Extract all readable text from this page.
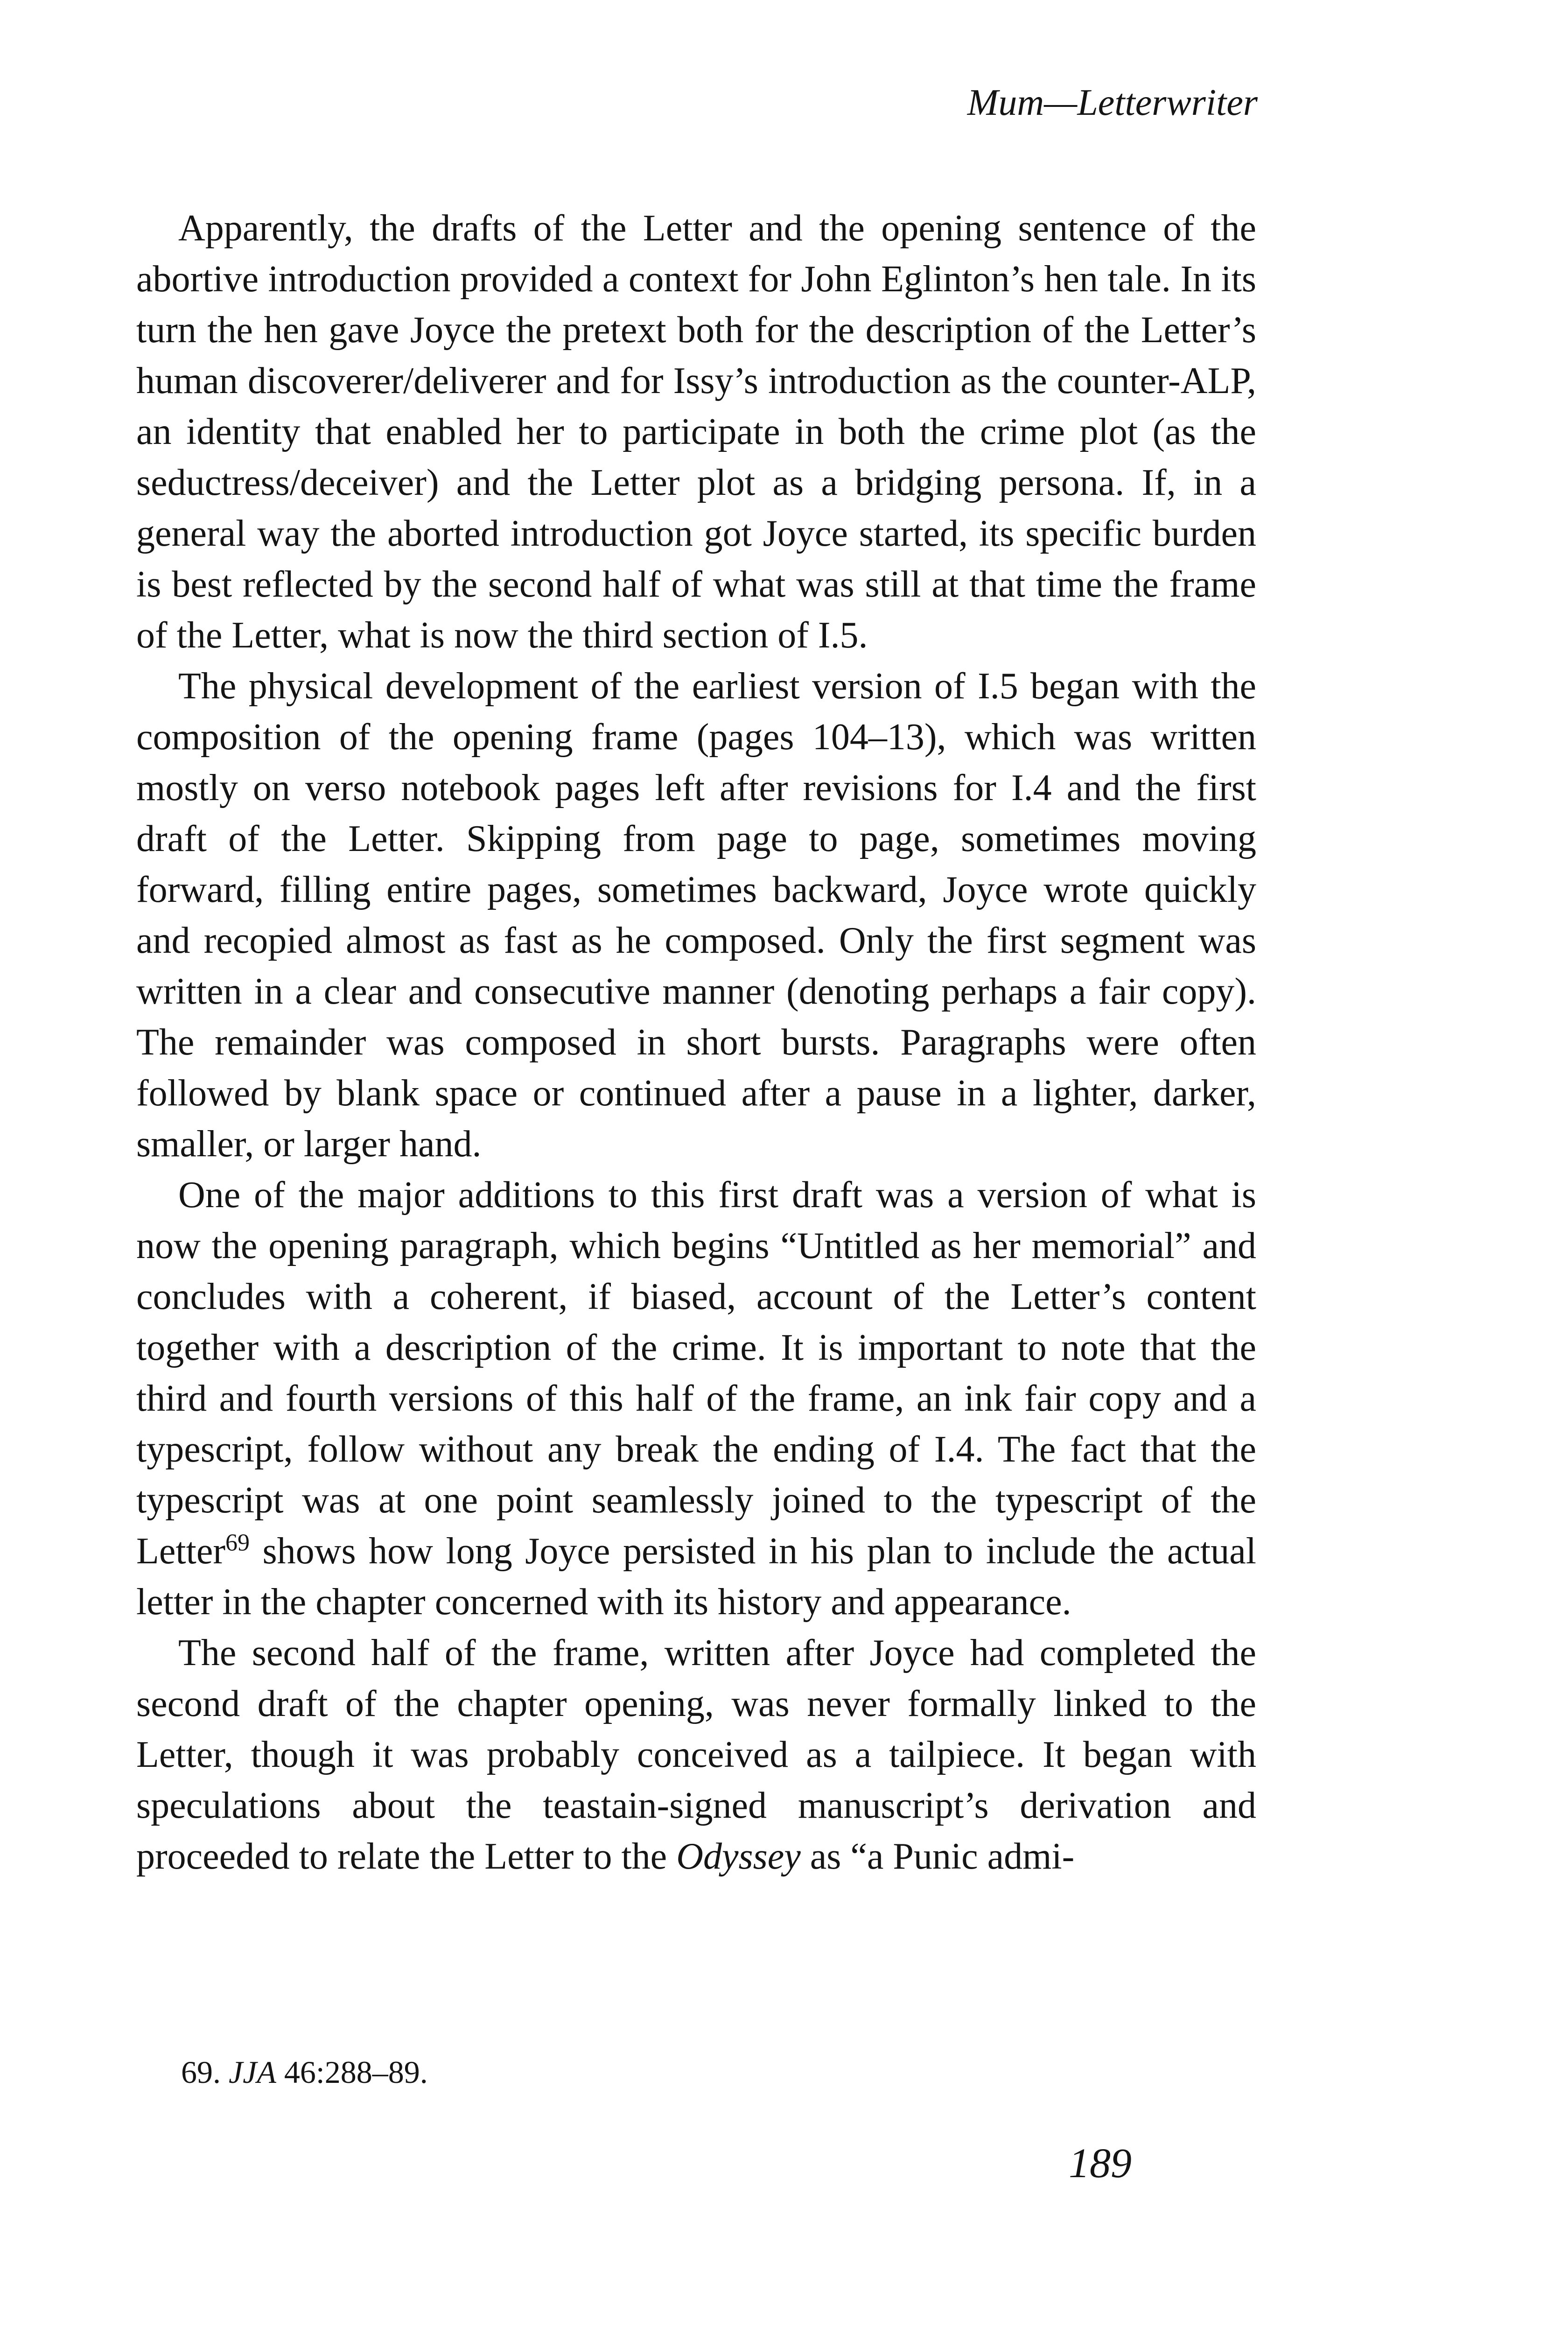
Mum—Letterwriter

Apparently, the drafts of the Letter and the opening sentence of the abortive introduction provided a context for John Eglinton’s hen tale. In its turn the hen gave Joyce the pretext both for the description of the Letter’s human discoverer/deliverer and for Issy’s introduction as the counter-ALP, an identity that enabled her to participate in both the crime plot (as the seductress/deceiver) and the Letter plot as a bridging persona. If, in a general way the aborted introduction got Joyce started, its specific burden is best reflected by the second half of what was still at that time the frame of the Letter, what is now the third section of I.5.

The physical development of the earliest version of I.5 began with the composition of the opening frame (pages 104–13), which was written mostly on verso notebook pages left after revisions for I.4 and the first draft of the Letter. Skipping from page to page, sometimes moving forward, filling entire pages, sometimes backward, Joyce wrote quickly and recopied almost as fast as he composed. Only the first segment was written in a clear and consecutive manner (denoting perhaps a fair copy). The remainder was composed in short bursts. Paragraphs were often followed by blank space or continued after a pause in a lighter, darker, smaller, or larger hand.

One of the major additions to this first draft was a version of what is now the opening paragraph, which begins “Untitled as her memorial” and concludes with a coherent, if biased, account of the Letter’s content together with a description of the crime. It is important to note that the third and fourth versions of this half of the frame, an ink fair copy and a typescript, follow without any break the ending of I.4. The fact that the typescript was at one point seamlessly joined to the typescript of the Letter$^{69}$ shows how long Joyce persisted in his plan to include the actual letter in the chapter concerned with its history and appearance.

The second half of the frame, written after Joyce had completed the second draft of the chapter opening, was never formally linked to the Letter, though it was probably conceived as a tailpiece. It began with speculations about the teastain-signed manuscript’s derivation and proceeded to relate the Letter to the Odyssey as “a Punic admi-

69. JJA 46:288–89.
189
